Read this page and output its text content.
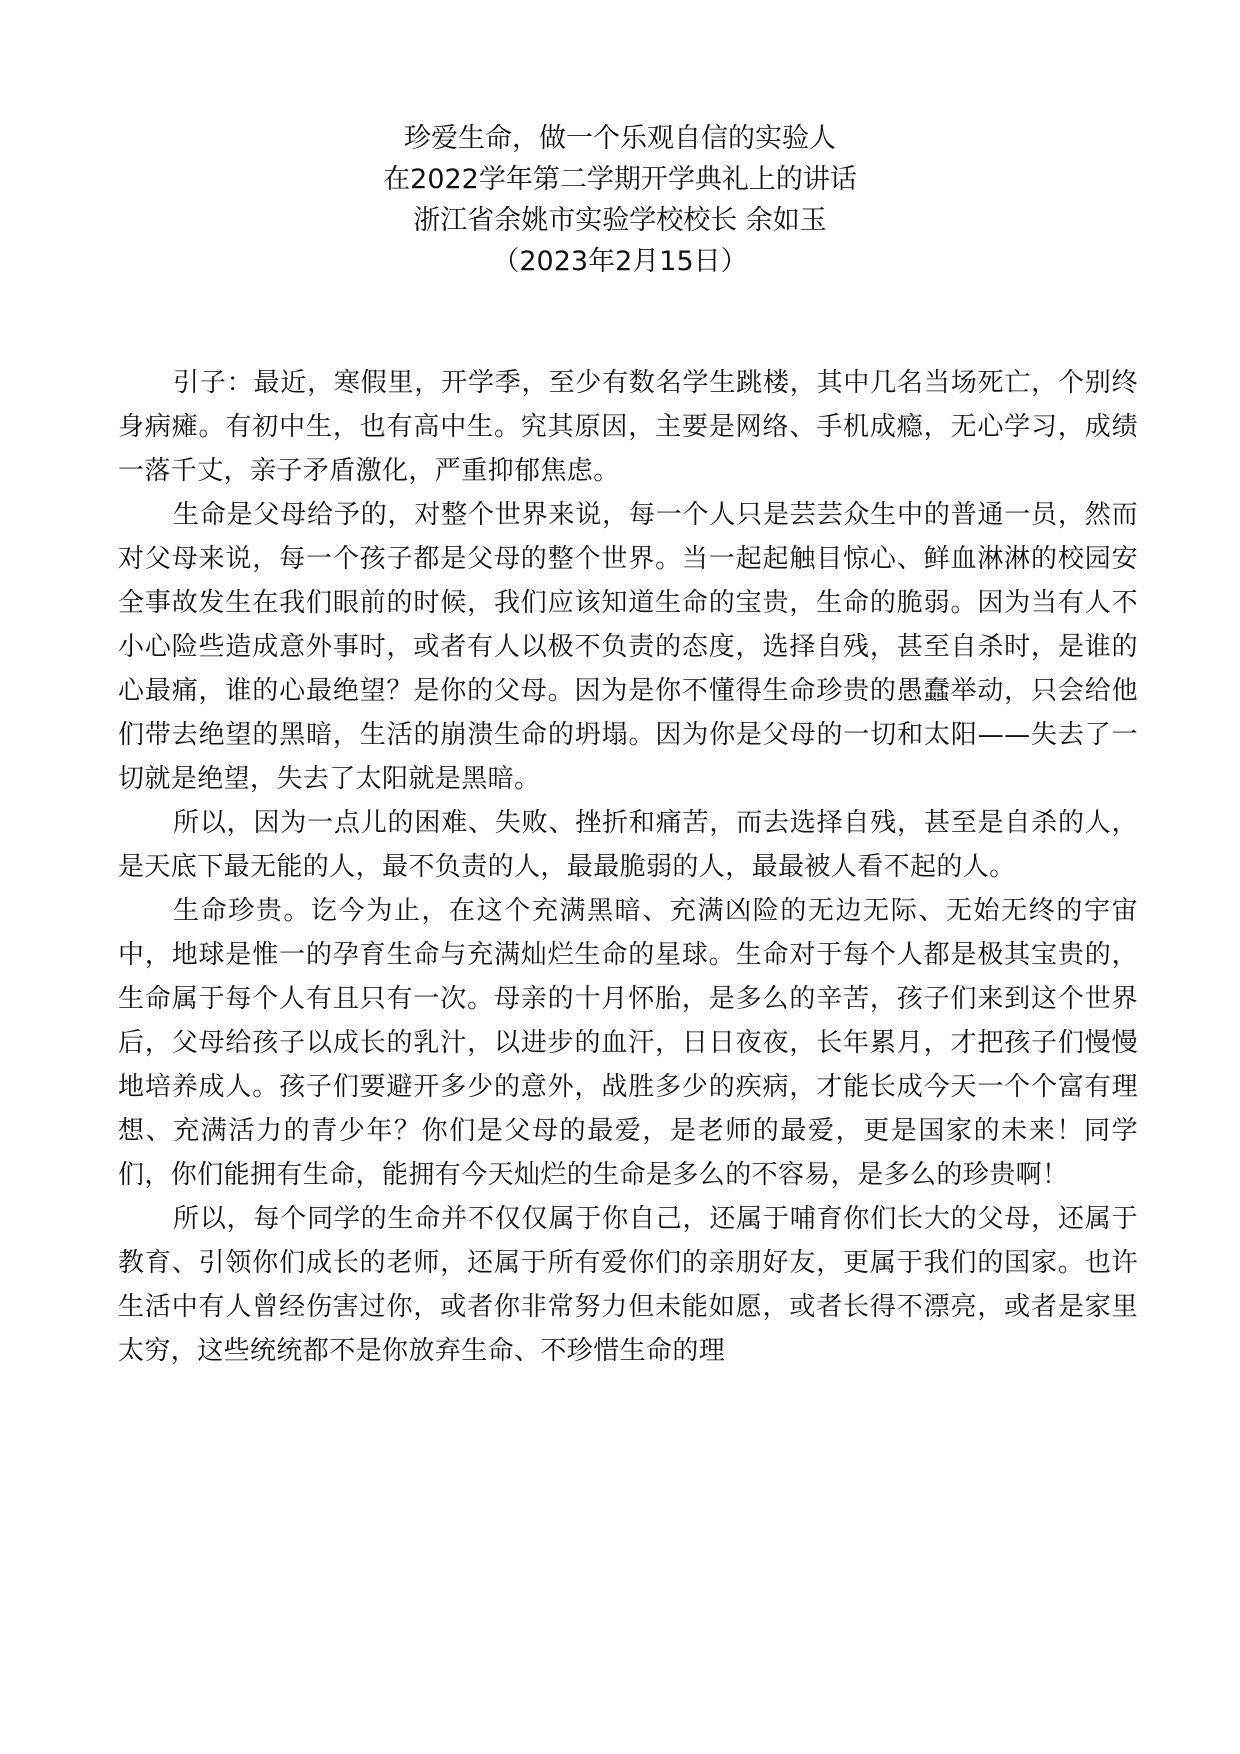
珍爱生命，做一个乐观自信的实验人
在2022学年第二学期开学典礼上的讲话
浙江省余姚市实验学校校长 余如玉
（2023年2月15日）

引子：最近，寒假里，开学季，至少有数名学生跳楼，其中几名当场死亡，个别终身病瘫。有初中生，也有高中生。究其原因，主要是网络、手机成瘾，无心学习，成绩一落千丈，亲子矛盾激化，严重抑郁焦虑。

生命是父母给予的，对整个世界来说，每一个人只是芸芸众生中的普通一员，然而对父母来说，每一个孩子都是父母的整个世界。当一起起触目惊心、鲜血淋淋的校园安全事故发生在我们眼前的时候，我们应该知道生命的宝贵，生命的脆弱。因为当有人不小心险些造成意外事时，或者有人以极不负责的态度，选择自残，甚至自杀时，是谁的心最痛，谁的心最绝望？是你的父母。因为是你不懂得生命珍贵的愚蠢举动，只会给他们带去绝望的黑暗，生活的崩溃生命的坍塌。因为你是父母的一切和太阳——失去了一切就是绝望，失去了太阳就是黑暗。

所以，因为一点儿的困难、失败、挫折和痛苦，而去选择自残，甚至是自杀的人，是天底下最无能的人，最不负责的人，最最脆弱的人，最最被人看不起的人。

生命珍贵。讫今为止，在这个充满黑暗、充满凶险的无边无际、无始无终的宇宙中，地球是惟一的孕育生命与充满灿烂生命的星球。生命对于每个人都是极其宝贵的，生命属于每个人有且只有一次。母亲的十月怀胎，是多么的辛苦，孩子们来到这个世界后，父母给孩子以成长的乳汁，以进步的血汗，日日夜夜，长年累月，才把孩子们慢慢地培养成人。孩子们要避开多少的意外，战胜多少的疾病，才能长成今天一个个富有理想、充满活力的青少年？你们是父母的最爱，是老师的最爱，更是国家的未来！同学们，你们能拥有生命，能拥有今天灿烂的生命是多么的不容易，是多么的珍贵啊！

所以，每个同学的生命并不仅仅属于你自己，还属于哺育你们长大的父母，还属于教育、引领你们成长的老师，还属于所有爱你们的亲朋好友，更属于我们的国家。也许生活中有人曾经伤害过你，或者你非常努力但未能如愿，或者长得不漂亮，或者是家里太穷，这些统统都不是你放弃生命、不珍惜生命的理
